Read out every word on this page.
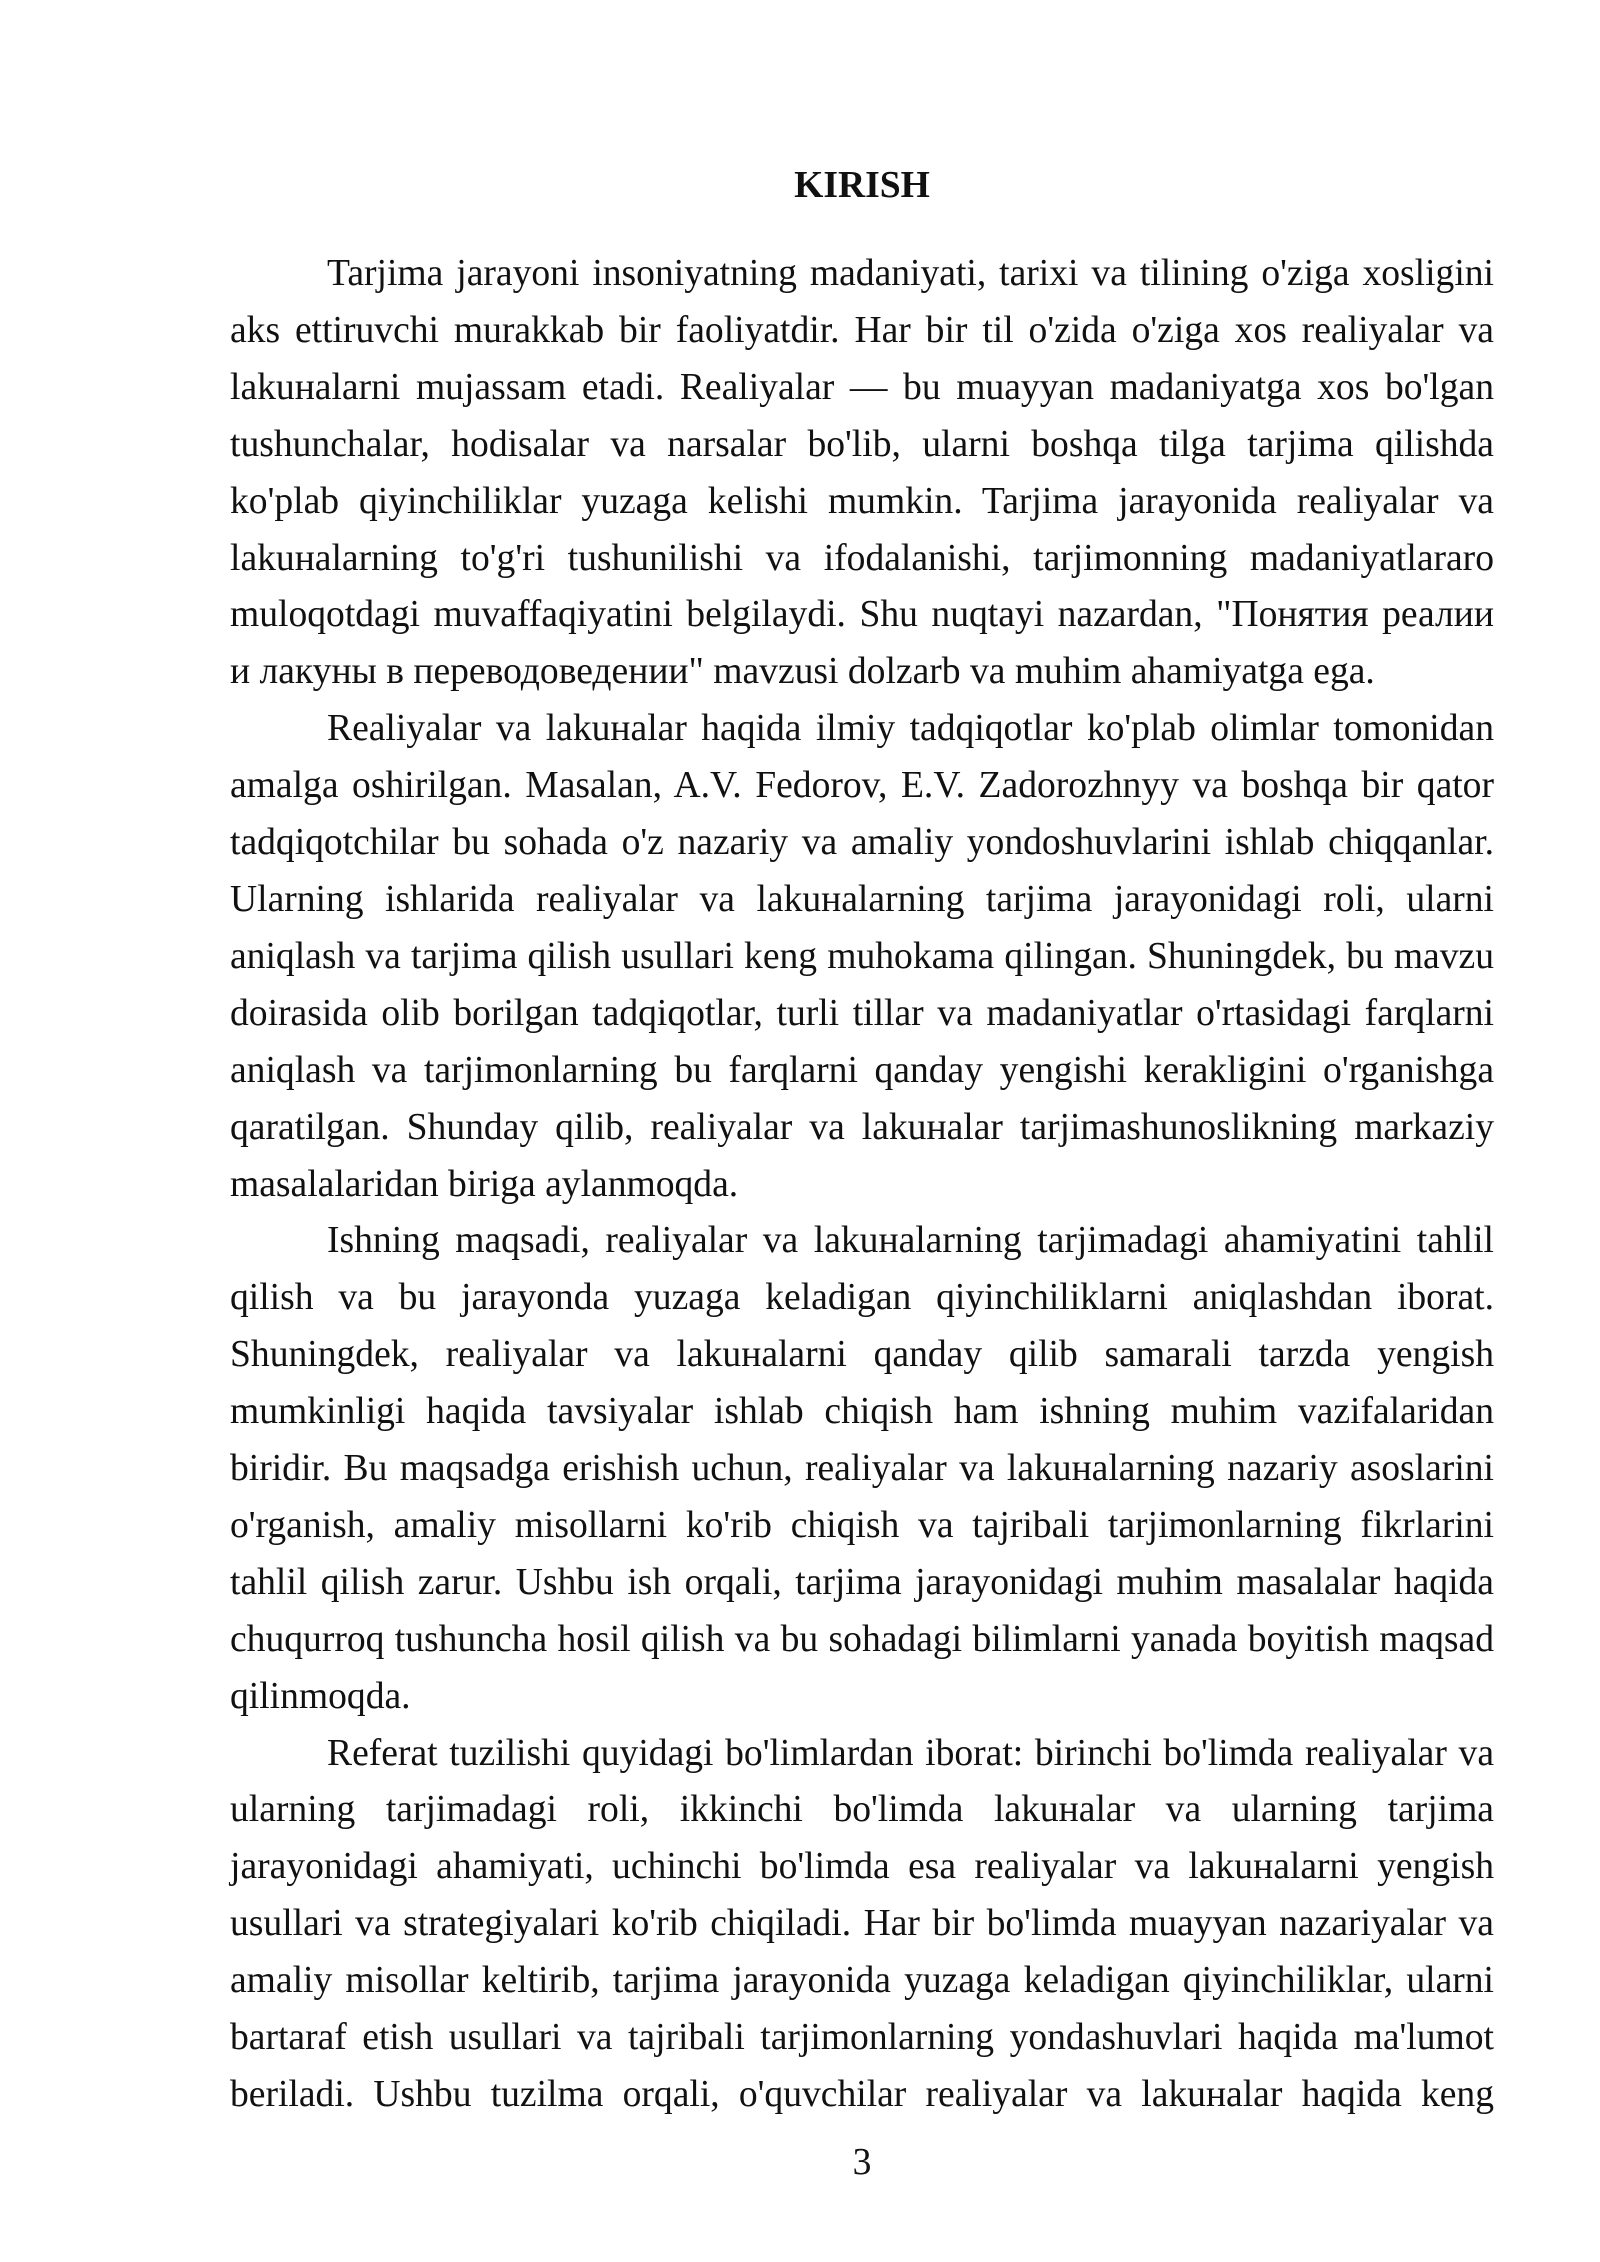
KIRISH

Tarjima jarayoni insoniyatning madaniyati, tarixi va tilining o'ziga xosligini aks ettiruvchi murakkab bir faoliyatdir. Har bir til o'zida o'ziga xos realiyalar va lakuнalarni mujassam etadi. Realiyalar — bu muayyan madaniyatga xos bo'lgan tushunchalar, hodisalar va narsalar bo'lib, ularni boshqa tilga tarjima qilishda ko'plab qiyinchiliklar yuzaga kelishi mumkin. Tarjima jarayonida realiyalar va lakuнalarning to'g'ri tushunilishi va ifodalanishi, tarjimonning madaniyatlararo muloqotdagi muvaffaqiyatini belgilaydi. Shu nuqtayi nazardan, "Понятия реалии и лакуны в переводоведении" mavzusi dolzarb va muhim ahamiyatga ega.

Realiyalar va lakuнalar haqida ilmiy tadqiqotlar ko'plab olimlar tomonidan amalga oshirilgan. Masalan, A.V. Fedorov, E.V. Zadorozhnyy va boshqa bir qator tadqiqotchilar bu sohada o'z nazariy va amaliy yondoshuvlarini ishlab chiqqanlar. Ularning ishlarida realiyalar va lakuнalarning tarjima jarayonidagi roli, ularni aniqlash va tarjima qilish usullari keng muhokama qilingan. Shuningdek, bu mavzu doirasida olib borilgan tadqiqotlar, turli tillar va madaniyatlar o'rtasidagi farqlarni aniqlash va tarjimonlarning bu farqlarni qanday yengishi kerakligini o'rganishga qaratilgan. Shunday qilib, realiyalar va lakuнalar tarjimashunoslikning markaziy masalalaridan biriga aylanmoqda.

Ishning maqsadi, realiyalar va lakuнalarning tarjimadagi ahamiyatini tahlil qilish va bu jarayonda yuzaga keladigan qiyinchiliklarni aniqlashdan iborat. Shuningdek, realiyalar va lakuнalarni qanday qilib samarali tarzda yengish mumkinligi haqida tavsiyalar ishlab chiqish ham ishning muhim vazifalaridan biridir. Bu maqsadga erishish uchun, realiyalar va lakuнalarning nazariy asoslarini o'rganish, amaliy misollarni ko'rib chiqish va tajribali tarjimonlarning fikrlarini tahlil qilish zarur. Ushbu ish orqali, tarjima jarayonidagi muhim masalalar haqida chuqurroq tushuncha hosil qilish va bu sohadagi bilimlarni yanada boyitish maqsad qilinmoqda.

Referat tuzilishi quyidagi bo'limlardan iborat: birinchi bo'limda realiyalar va ularning tarjimadagi roli, ikkinchi bo'limda lakuнalar va ularning tarjima jarayonidagi ahamiyati, uchinchi bo'limda esa realiyalar va lakuнalarni yengish usullari va strategiyalari ko'rib chiqiladi. Har bir bo'limda muayyan nazariyalar va amaliy misollar keltirib, tarjima jarayonida yuzaga keladigan qiyinchiliklar, ularni bartaraf etish usullari va tajribali tarjimonlarning yondashuvlari haqida ma'lumot beriladi. Ushbu tuzilma orqali, o'quvchilar realiyalar va lakuнalar haqida keng

3
